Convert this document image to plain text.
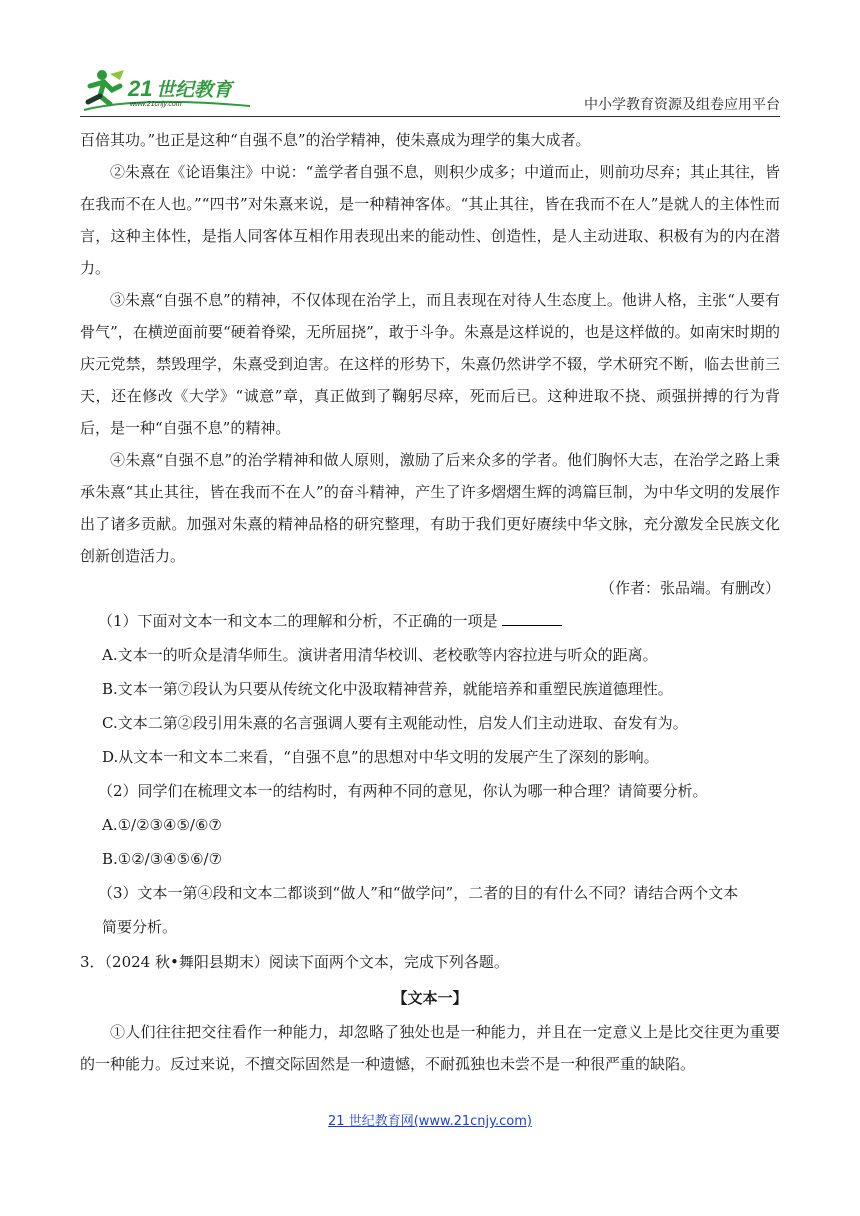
21 世纪教育
www.21cnjy.com	中小学教育资源及组卷应用平台

百倍其功。”也正是这种“自强不息”的治学精神，使朱熹成为理学的集大成者。

②朱熹在《论语集注》中说：“盖学者自强不息，则积少成多；中道而止，则前功尽弃；其止其往，皆在我而不在人也。”“四书”对朱熹来说，是一种精神客体。“其止其往，皆在我而不在人”是就人的主体性而言，这种主体性，是指人同客体互相作用表现出来的能动性、创造性，是人主动进取、积极有为的内在潜力。

③朱熹“自强不息”的精神，不仅体现在治学上，而且表现在对待人生态度上。他讲人格，主张“人要有骨气”，在横逆面前要“硬着脊梁，无所屈挠”，敢于斗争。朱熹是这样说的，也是这样做的。如南宋时期的庆元党禁，禁毁理学，朱熹受到迫害。在这样的形势下，朱熹仍然讲学不辍，学术研究不断，临去世前三天，还在修改《大学》“诚意”章，真正做到了鞠躬尽瘁，死而后已。这种进取不挠、顽强拼搏的行为背后，是一种“自强不息”的精神。

④朱熹“自强不息”的治学精神和做人原则，激励了后来众多的学者。他们胸怀大志，在治学之路上秉承朱熹“其止其往，皆在我而不在人”的奋斗精神，产生了许多熠熠生辉的鸿篇巨制，为中华文明的发展作出了诸多贡献。加强对朱熹的精神品格的研究整理，有助于我们更好赓续中华文脉，充分激发全民族文化创新创造活力。

（作者：张品端。有删改）

（1）下面对文本一和文本二的理解和分析，不正确的一项是

A.文本一的听众是清华师生。演讲者用清华校训、老校歌等内容拉进与听众的距离。

B.文本一第⑦段认为只要从传统文化中汲取精神营养，就能培养和重塑民族道德理性。

C.文本二第②段引用朱熹的名言强调人要有主观能动性，启发人们主动进取、奋发有为。

D.从文本一和文本二来看，“自强不息”的思想对中华文明的发展产生了深刻的影响。

（2）同学们在梳理文本一的结构时，有两种不同的意见，你认为哪一种合理？请简要分析。

A.①/②③④⑤/⑥⑦

B.①②/③④⑤⑥/⑦

（3）文本一第④段和文本二都谈到“做人”和“做学问”，二者的目的有什么不同？请结合两个文本

简要分析。

3．（2024 秋•舞阳县期末）阅读下面两个文本，完成下列各题。

【文本一】

①人们往往把交往看作一种能力，却忽略了独处也是一种能力，并且在一定意义上是比交往更为重要的一种能力。反过来说，不擅交际固然是一种遗憾，不耐孤独也未尝不是一种很严重的缺陷。

21 世纪教育网(www.21cnjy.com)
